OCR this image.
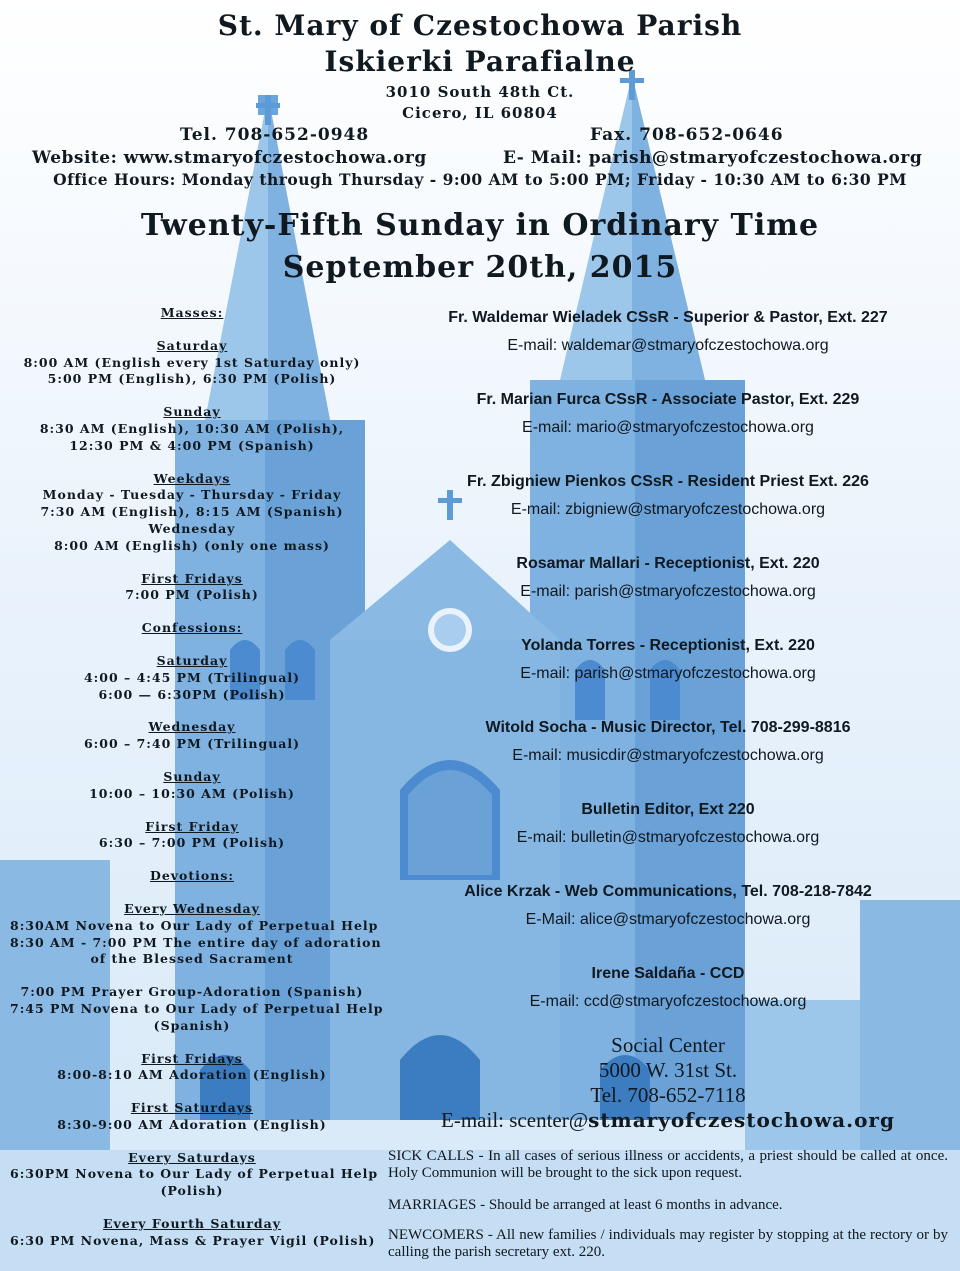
St. Mary of Czestochowa Parish
Iskierki Parafialne
3010 South 48th Ct.
Cicero, IL 60804
Tel. 708-652-0948	Fax. 708-652-0646
Website: www.stmaryofczestochowa.org	E- Mail: parish@stmaryofczestochowa.org
Office Hours: Monday through Thursday - 9:00 AM to 5:00 PM; Friday - 10:30 AM to 6:30 PM
Twenty-Fifth Sunday in Ordinary Time
September 20th, 2015
Masses:
Saturday
8:00 AM (English every 1st Saturday only)
5:00 PM (English), 6:30 PM (Polish)
Sunday
8:30 AM (English), 10:30 AM (Polish),
12:30 PM & 4:00 PM (Spanish)
Weekdays
Monday - Tuesday - Thursday - Friday
7:30 AM (English), 8:15 AM (Spanish)
Wednesday
8:00 AM (English) (only one mass)
First Fridays
7:00 PM (Polish)
Confessions:
Saturday
4:00 – 4:45 PM (Trilingual)
6:00 — 6:30PM (Polish)
Wednesday
6:00 – 7:40 PM (Trilingual)
Sunday
10:00 – 10:30 AM (Polish)
First Friday
6:30 – 7:00 PM (Polish)
Devotions:
Every Wednesday
8:30AM Novena to Our Lady of Perpetual Help
8:30 AM - 7:00 PM The entire day of adoration
of the Blessed Sacrament
7:00 PM Prayer Group-Adoration (Spanish)
7:45 PM Novena to Our Lady of Perpetual Help
(Spanish)
First Fridays
8:00-8:10 AM Adoration (English)
First Saturdays
8:30-9:00 AM Adoration (English)
Every Saturdays
6:30PM Novena to Our Lady of Perpetual Help
(Polish)
Every Fourth Saturday
6:30 PM Novena, Mass & Prayer Vigil (Polish)
Fr. Waldemar Wieladek CSsR - Superior & Pastor, Ext. 227
E-mail: waldemar@stmaryofczestochowa.org
Fr. Marian Furca CSsR - Associate Pastor, Ext. 229
E-mail: mario@stmaryofczestochowa.org
Fr. Zbigniew Pienkos CSsR - Resident Priest Ext. 226
E-mail: zbigniew@stmaryofczestochowa.org
Rosamar Mallari - Receptionist, Ext. 220
E-mail: parish@stmaryofczestochowa.org
Yolanda Torres - Receptionist, Ext. 220
E-mail: parish@stmaryofczestochowa.org
Witold Socha - Music Director, Tel. 708-299-8816
E-mail: musicdir@stmaryofczestochowa.org
Bulletin Editor, Ext 220
E-mail: bulletin@stmaryofczestochowa.org
Alice Krzak - Web Communications, Tel. 708-218-7842
E-Mail: alice@stmaryofczestochowa.org
Irene Saldaña - CCD
E-mail: ccd@stmaryofczestochowa.org
Social Center
5000 W. 31st St.
Tel. 708-652-7118
E-mail: scenter@stmaryofczestochowa.org
SICK CALLS - In all cases of serious illness or accidents, a priest should be called at once. Holy Communion will be brought to the sick upon request.
MARRIAGES - Should be arranged at least 6 months in advance.
NEWCOMERS - All new families / individuals may register by stopping at the rectory or by calling the parish secretary ext. 220.
